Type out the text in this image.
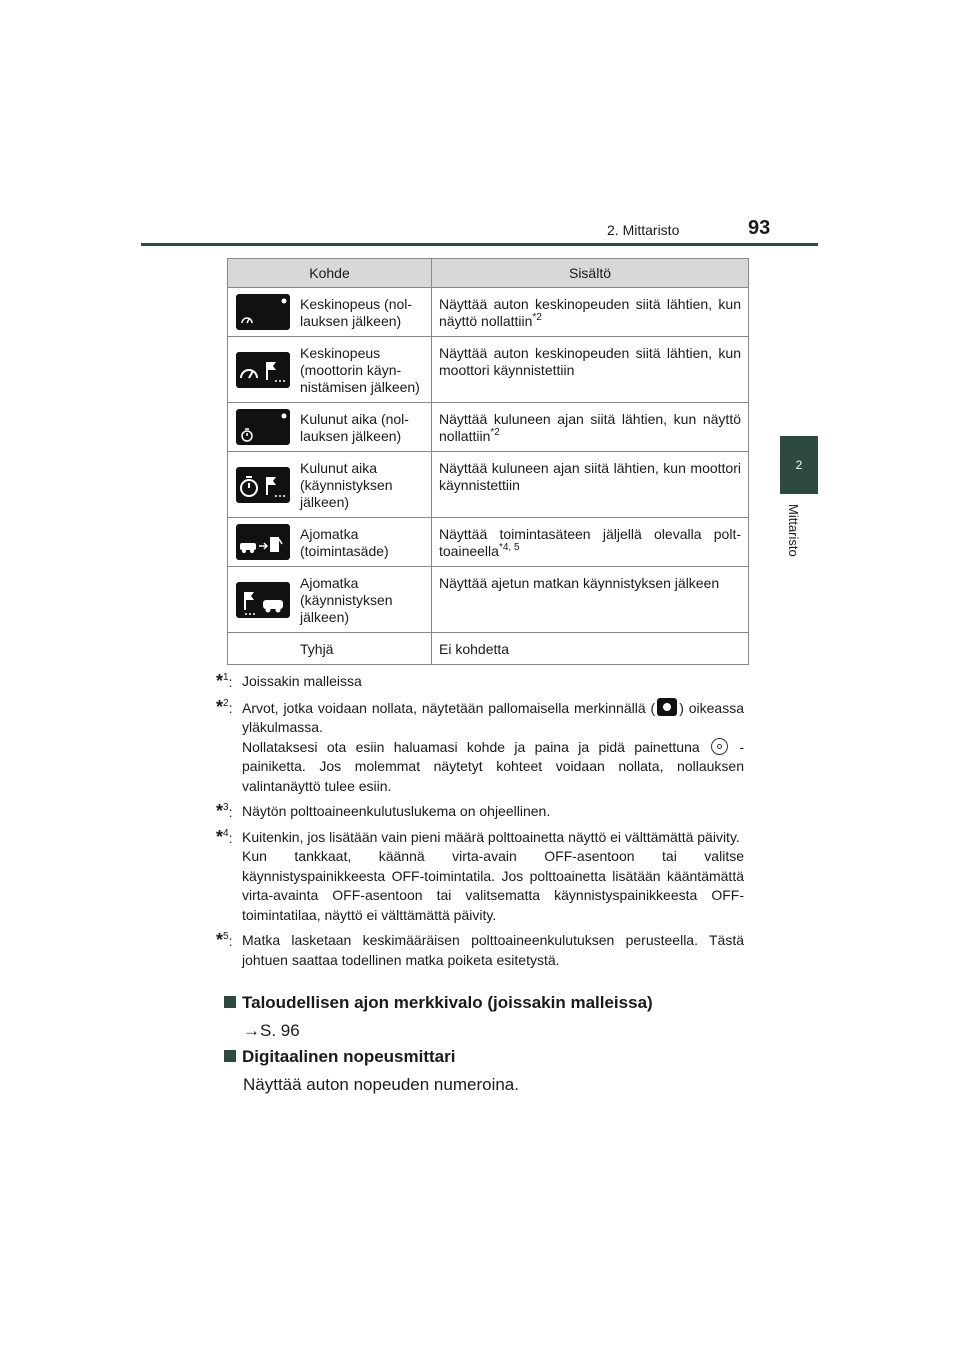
2. Mittaristo	93
2
Mittaristo
Kohde		Sisältö

	Keskinopeus (nol-
lauksen jälkeen)	Näyttää auton keskinopeuden siitä lähtien, kun näyttö nollattiin$^{*2}$

	Keskinopeus
(moottorin käyn-
nistämisen jälkeen)	Näyttää auton keskinopeuden siitä lähtien, kun moottori käynnistettiin

	Kulunut aika (nol-
lauksen jälkeen)	Näyttää kuluneen ajan siitä lähtien, kun näyttö nollattiin$^{*2}$

	Kulunut aika
(käynnistyksen
jälkeen)	Näyttää kuluneen ajan siitä lähtien, kun moottori käynnistettiin

	Ajomatka
(toimintasäde)	Näyttää toimintasäteen jäljellä olevalla polt-toaineella$^{*4, 5}$

	Ajomatka
(käynnistyksen
jälkeen)	Näyttää ajetun matkan käynnistyksen jälkeen
	Tyhjä	Ei kohdetta
*$^1$: Joissakin malleissa
*$^2$: Arvot, jotka voidaan nollata, näytetään pallomaisella merkinnällä ( ) oikeassa yläkulmassa.
Nollataksesi ota esiin haluamasi kohde ja paina ja pidä painettuna	-painiketta. Jos molemmat näytetyt kohteet voidaan nollata, nollauksen valintanäyttö tulee esiin.
*$^3$: Näytön polttoaineenkulutuslukema on ohjeellinen.
*$^4$: Kuitenkin, jos lisätään vain pieni määrä polttoainetta näyttö ei välttämättä päivity.
Kun tankkaat, käännä virta-avain OFF-asentoon tai valitse käynnistyspainikkeesta OFF-toimintatila. Jos polttoainetta lisätään kääntämättä virta-avainta OFF-asentoon tai valitsematta käynnistyspainikkeesta OFF-toimintatilaa, näyttö ei välttämättä päivity.
*$^5$: Matka lasketaan keskimääräisen polttoaineenkulutuksen perusteella. Tästä johtuen saattaa todellinen matka poiketa esitetystä.
Taloudellisen ajon merkkivalo (joissakin malleissa)
→S. 96
Digitaalinen nopeusmittari
Näyttää auton nopeuden numeroina.
